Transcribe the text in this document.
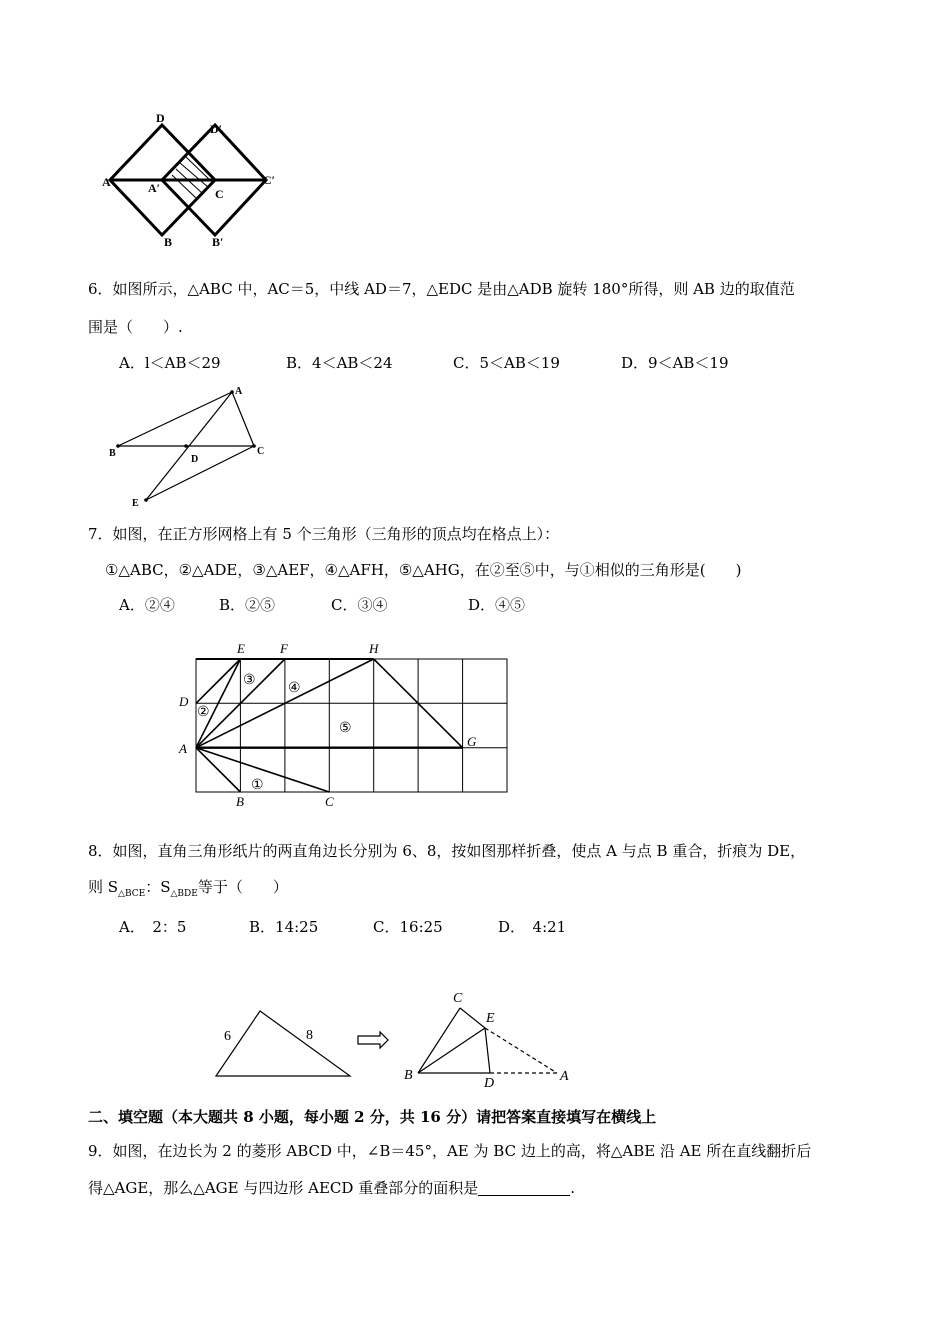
D
D′
A	A′	C
C′
B	B′
6．如图所示，△ABC 中，AC＝5，中线 AD＝7，△EDC 是由△ADB 旋转 180°所得，则 AB 边的取值范
围是（　　）.
A．l＜AB＜29	B．4＜AB＜24	C．5＜AB＜19	D．9＜AB＜19
A
B
D
C
E
7．如图，在正方形网格上有 5 个三角形（三角形的顶点均在格点上）：
①△ABC，②△ADE，③△AEF，④△AFH，⑤△AHG，在②至⑤中，与①相似的三角形是(　　)
A．②④	B．②⑤	C．③④	D．④⑤
E	F	H
D
A	G
B	C
①
②
③
④
⑤
8．如图，直角三角形纸片的两直角边长分别为 6、8，按如图那样折叠，使点 A 与点 B 重合，折痕为 DE，
则 $S_{\triangle BCE}$：$S_{\triangle BDE}$等于（　　）
A．　2：5	B．14:25	C．16:25	D．　4:21
6	8
C
E
B
D	A
二、填空题（本大题共 8 小题，每小题 2 分，共 16 分）请把答案直接填写在横线上
9．如图，在边长为 2 的菱形 ABCD 中，∠B＝45°，AE 为 BC 边上的高，将△ABE 沿 AE 所在直线翻折后
得△AGE，那么△AGE 与四边形 AECD 重叠部分的面积是	.
